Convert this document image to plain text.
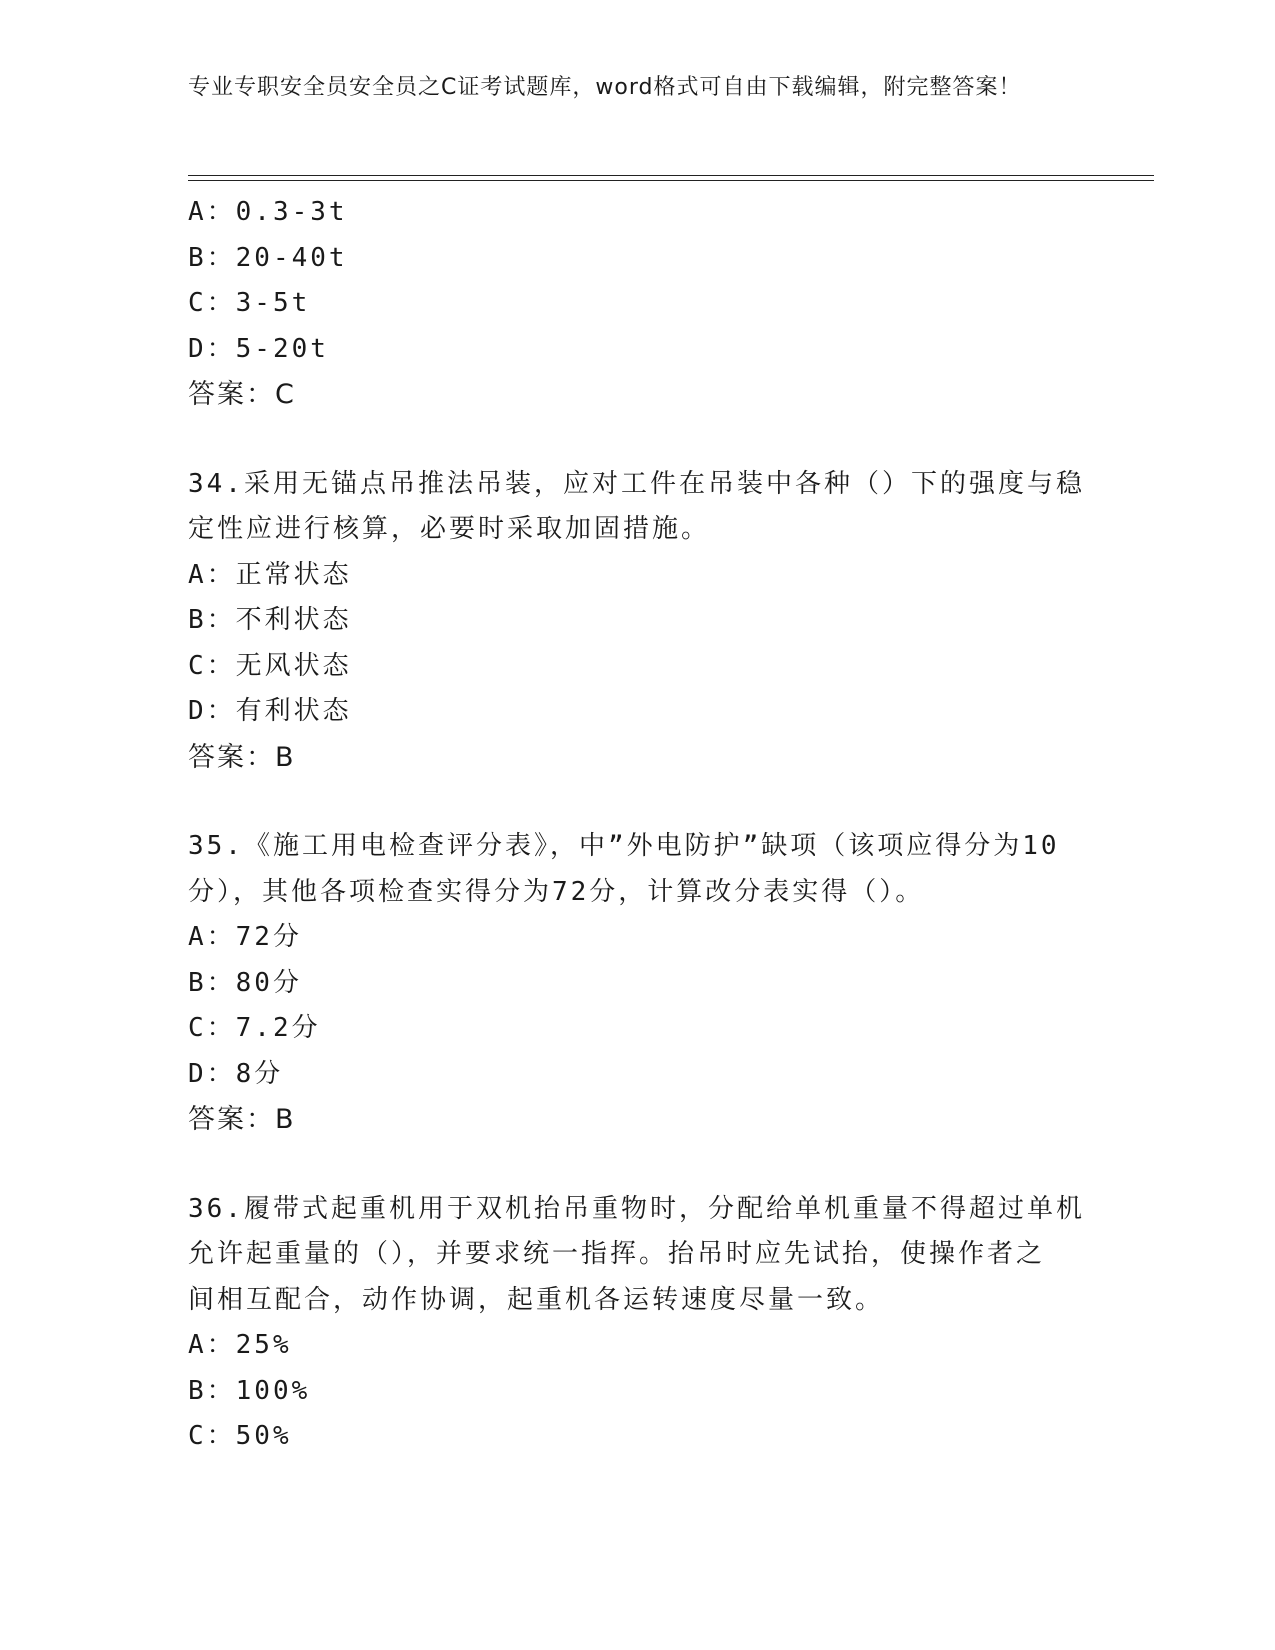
专业专职安全员安全员之C证考试题库，word格式可自由下载编辑，附完整答案！
A：0.3-3t
B：20-40t
C：3-5t
D：5-20t
答案：C
34.采用无锚点吊推法吊装，应对工件在吊装中各种（）下的强度与稳
定性应进行核算，必要时采取加固措施。
A：正常状态
B：不利状态
C：无风状态
D：有利状态
答案：B
35.《施工用电检查评分表》，中”外电防护”缺项（该项应得分为10
分），其他各项检查实得分为72分，计算改分表实得（）。
A：72分
B：80分
C：7.2分
D：8分
答案：B
36.履带式起重机用于双机抬吊重物时，分配给单机重量不得超过单机
允许起重量的（），并要求统一指挥。抬吊时应先试抬，使操作者之
间相互配合，动作协调，起重机各运转速度尽量一致。
A：25%
B：100%
C：50%
